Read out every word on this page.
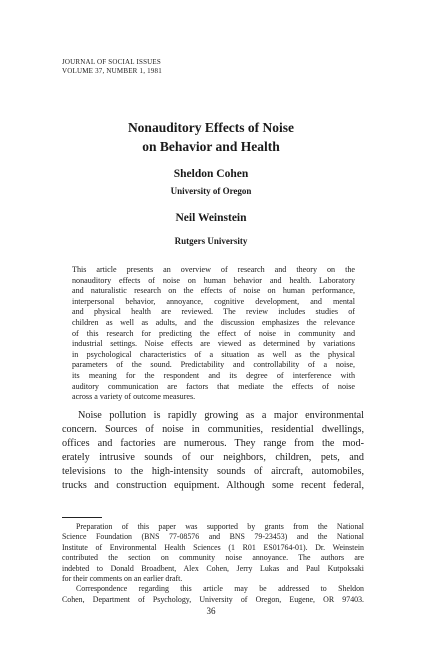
JOURNAL OF SOCIAL ISSUES
VOLUME 37, NUMBER 1, 1981
Nonauditory Effects of Noise
on Behavior and Health
Sheldon Cohen
University of Oregon
Neil Weinstein
Rutgers University
This article presents an overview of research and theory on the
nonauditory effects of noise on human behavior and health. Laboratory
and naturalistic research on the effects of noise on human performance,
interpersonal behavior, annoyance, cognitive development, and mental
and physical health are reviewed. The review includes studies of
children as well as adults, and the discussion emphasizes the relevance
of this research for predicting the effect of noise in community and
industrial settings. Noise effects are viewed as determined by variations
in psychological characteristics of a situation as well as the physical
parameters of the sound. Predictability and controllability of a noise,
its meaning for the respondent and its degree of interference with
auditory communication are factors that mediate the effects of noise
across a variety of outcome measures.
Noise pollution is rapidly growing as a major environmental
concern. Sources of noise in communities, residential dwellings,
offices and factories are numerous. They range from the mod-
erately intrusive sounds of our neighbors, children, pets, and
televisions to the high-intensity sounds of aircraft, automobiles,
trucks and construction equipment. Although some recent federal,
Preparation of this paper was supported by grants from the National
Science Foundation (BNS 77-08576 and BNS 79-23453) and the National
Institute of Environmental Health Sciences (1 R01 ES01764-01). Dr. Weinstein
contributed the section on community noise annoyance. The authors are
indebted to Donald Broadbent, Alex Cohen, Jerry Lukas and Paul Kutpoksaki
for their comments on an earlier draft.
Correspondence regarding this article may be addressed to Sheldon
Cohen, Department of Psychology, University of Oregon, Eugene, OR 97403.
36
